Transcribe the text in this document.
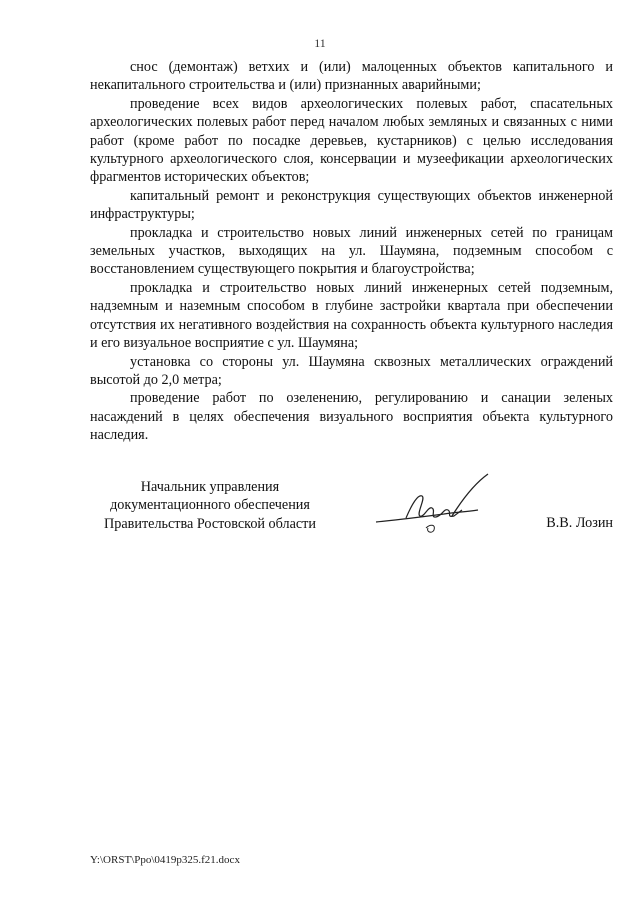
11

снос (демонтаж) ветхих и (или) малоценных объектов капитального и некапитального строительства и (или) признанных аварийными;

проведение всех видов археологических полевых работ, спасательных археологических полевых работ перед началом любых земляных и связанных с ними работ (кроме работ по посадке деревьев, кустарников) с целью исследования культурного археологического слоя, консервации и музеефикации археологических фрагментов исторических объектов;

капитальный ремонт и реконструкция существующих объектов инженерной инфраструктуры;

прокладка и строительство новых линий инженерных сетей по границам земельных участков, выходящих на ул. Шаумяна, подземным способом с восстановлением существующего покрытия и благоустройства;

прокладка и строительство новых линий инженерных сетей подземным, надземным и наземным способом в глубине застройки квартала при обеспечении отсутствия их негативного воздействия на сохранность объекта культурного наследия и его визуальное восприятие с ул. Шаумяна;

установка со стороны ул. Шаумяна сквозных металлических ограждений высотой до 2,0 метра;

проведение работ по озеленению, регулированию и санации зеленых насаждений в целях обеспечения визуального восприятия объекта культурного наследия.

Начальник управления
документационного обеспечения
Правительства Ростовской области	В.В. Лозин
Y:\ORST\Ppo\0419p325.f21.docx
